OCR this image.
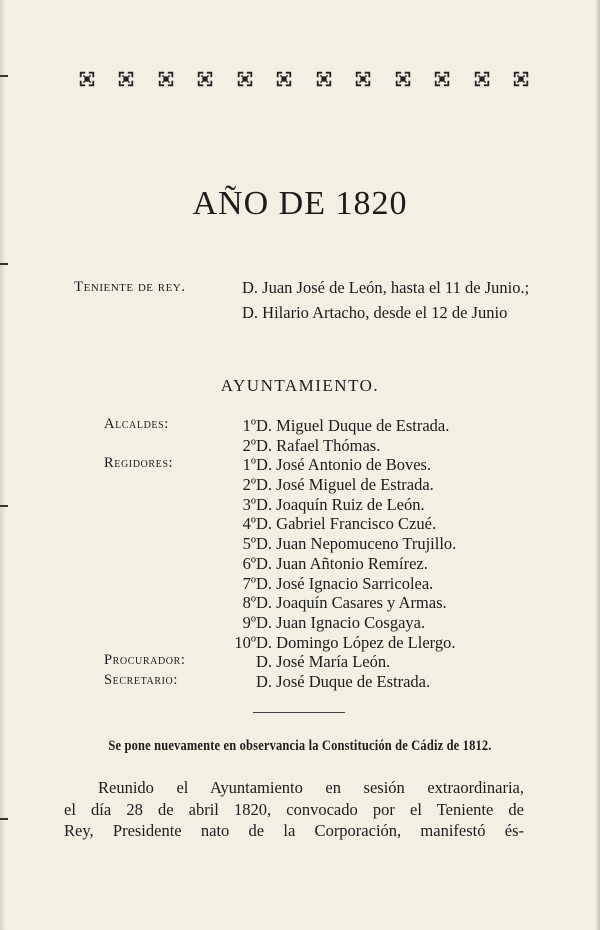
AÑO DE 1820
Teniente de rey.	D. Juan José de León, hasta el 11 de Junio.;
D. Hilario Artacho, desde el 12 de Junio
AYUNTAMIENTO.
Alcaldes:	1º D. Miguel Duque de Estrada.
2º D. Rafael Thómas.
Regidores:	1º D. José Antonio de Boves.
2º D. José Miguel de Estrada.
3º D. Joaquín Ruiz de León.
4º D. Gabriel Francisco Czué.
5º D. Juan Nepomuceno Trujillo.
6º D. Juan Añtonio Remírez.
7º D. José Ignacio Sarricolea.
8º D. Joaquín Casares y Armas.
9º D. Juan Ignacio Cosgaya.
10º D. Domingo López de Llergo.
Procurador:	D. José María León.
Secretario:	D. José Duque de Estrada.
Se pone nuevamente en observancia la Constitución de Cádiz de 1812.
Reunido el Ayuntamiento en sesión extraordinaria,
el día 28 de abril 1820, convocado por el Teniente de
Rey, Presidente nato de la Corporación, manifestó és-
